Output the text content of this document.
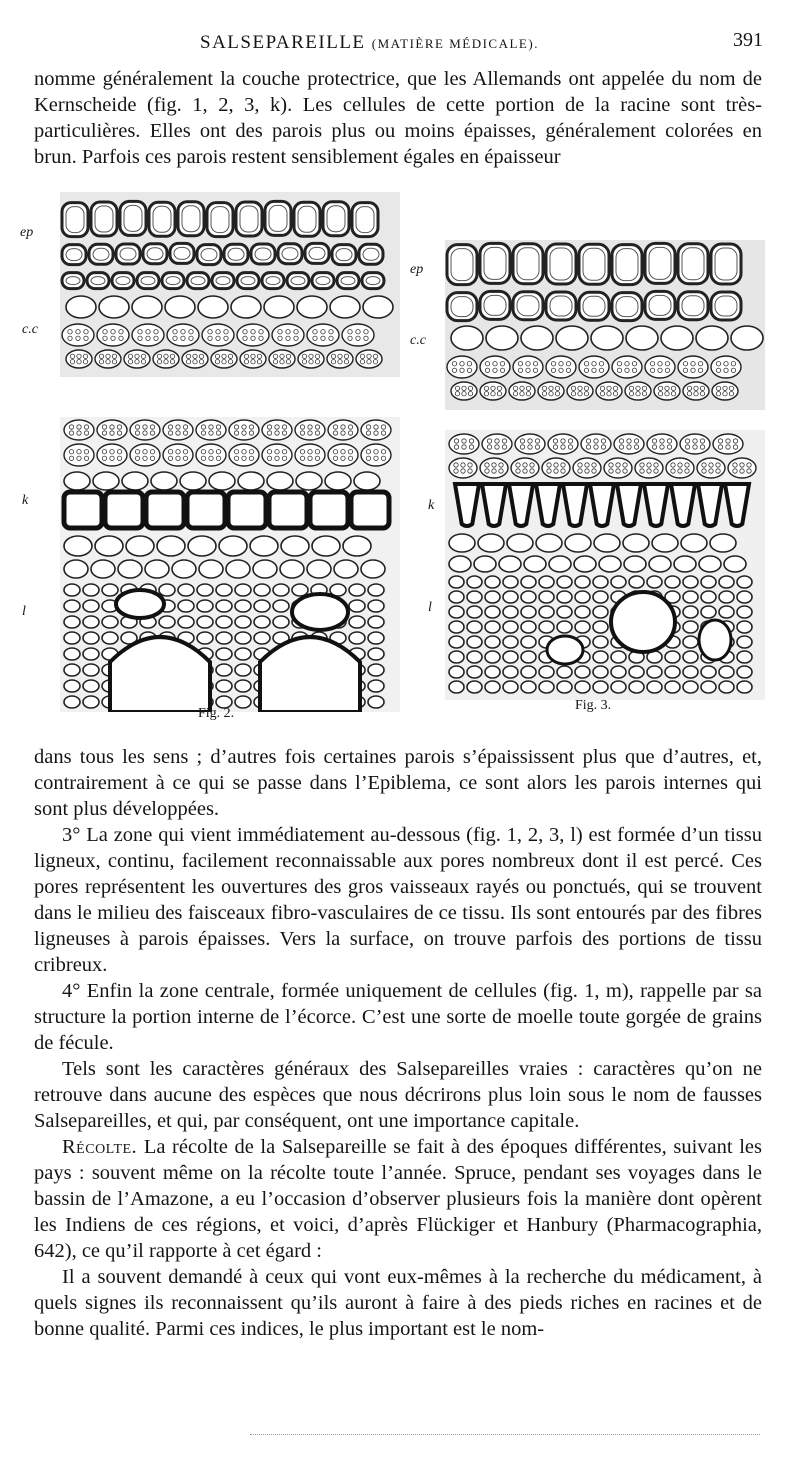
SALSEPAREILLE (MATIÈRE MÉDICALE).	391

nomme généralement la couche protectrice, que les Allemands ont appelée du nom de Kernscheide (fig. 1, 2, 3, k). Les cellules de cette portion de la racine sont très-particulières. Elles ont des parois plus ou moins épaisses, généralement colorées en brun. Parfois ces parois restent sensiblement égales en épaisseur

ep
c.c
k
l
Fig. 2.
ep
c.c
k
l
Fig. 3.

dans tous les sens ; d’autres fois certaines parois s’épaississent plus que d’autres, et, contrairement à ce qui se passe dans l’Epiblema, ce sont alors les parois internes qui sont plus développées.

3° La zone qui vient immédiatement au-dessous (fig. 1, 2, 3, l) est formée d’un tissu ligneux, continu, facilement reconnaissable aux pores nombreux dont il est percé. Ces pores représentent les ouvertures des gros vaisseaux rayés ou ponctués, qui se trouvent dans le milieu des faisceaux fibro-vasculaires de ce tissu. Ils sont entourés par des fibres ligneuses à parois épaisses. Vers la surface, on trouve parfois des portions de tissu cribreux.

4° Enfin la zone centrale, formée uniquement de cellules (fig. 1, m), rappelle par sa structure la portion interne de l’écorce. C’est une sorte de moelle toute gorgée de grains de fécule.

Tels sont les caractères généraux des Salsepareilles vraies : caractères qu’on ne retrouve dans aucune des espèces que nous décrirons plus loin sous le nom de fausses Salsepareilles, et qui, par conséquent, ont une importance capitale.

Récolte. La récolte de la Salsepareille se fait à des époques différentes, suivant les pays : souvent même on la récolte toute l’année. Spruce, pendant ses voyages dans le bassin de l’Amazone, a eu l’occasion d’observer plusieurs fois la manière dont opèrent les Indiens de ces régions, et voici, d’après Flückiger et Hanbury (Pharmacographia, 642), ce qu’il rapporte à cet égard :

Il a souvent demandé à ceux qui vont eux-mêmes à la recherche du médicament, à quels signes ils reconnaissent qu’ils auront à faire à des pieds riches en racines et de bonne qualité. Parmi ces indices, le plus important est le nom-
